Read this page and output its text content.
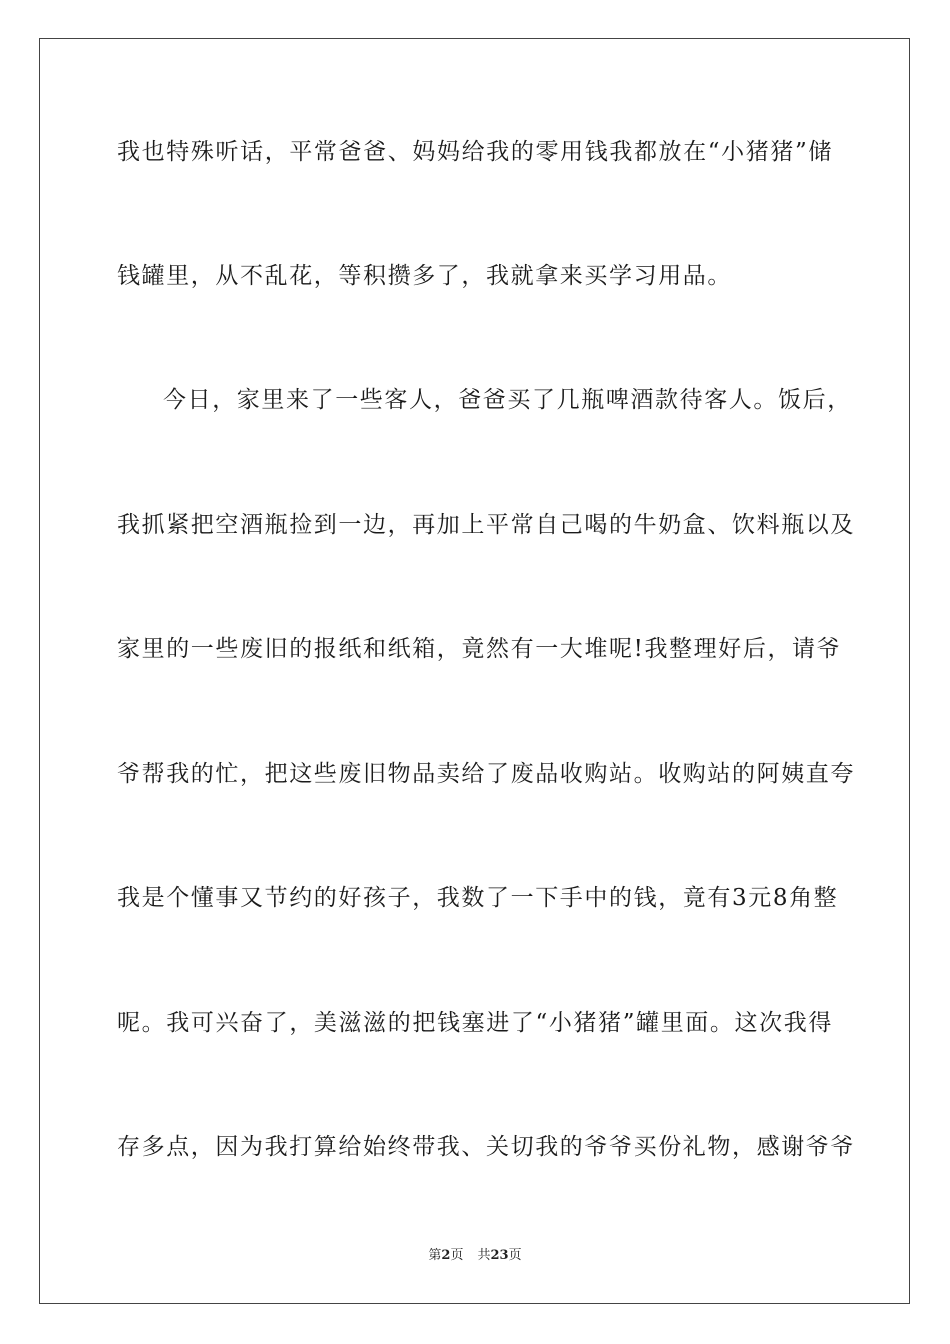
我也特殊听话，平常爸爸、妈妈给我的零用钱我都放在“小猪猪”储
钱罐里，从不乱花，等积攒多了，我就拿来买学习用品。
今日，家里来了一些客人，爸爸买了几瓶啤酒款待客人。饭后，
我抓紧把空酒瓶捡到一边，再加上平常自己喝的牛奶盒、饮料瓶以及
家里的一些废旧的报纸和纸箱，竟然有一大堆呢!我整理好后，请爷
爷帮我的忙，把这些废旧物品卖给了废品收购站。收购站的阿姨直夸
我是个懂事又节约的好孩子，我数了一下手中的钱，竟有3元8角整
呢。我可兴奋了，美滋滋的把钱塞进了“小猪猪”罐里面。这次我得
存多点，因为我打算给始终带我、关切我的爷爷买份礼物，感谢爷爷
第2页 共23页
